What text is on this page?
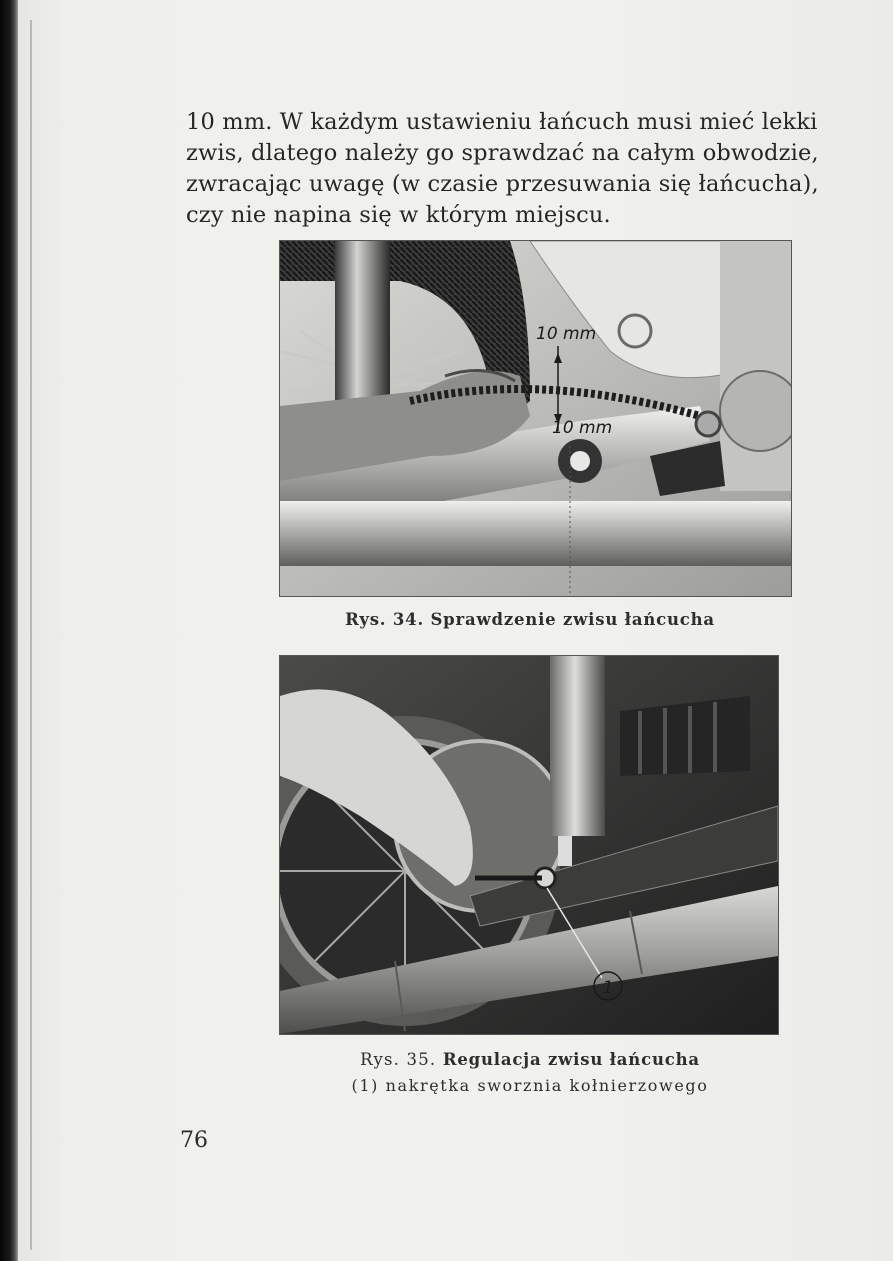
10 mm. W każdym ustawieniu łańcuch musi mieć lekki
zwis, dlatego należy go sprawdzać na całym obwodzie,
zwracając uwagę (w czasie przesuwania się łańcucha),
czy nie napina się w którym miejscu.
10 mm
10 mm
Rys. 34. Sprawdzenie zwisu łańcucha
1
Rys. 35. Regulacja zwisu łańcucha
(1) nakrętka sworznia kołnierzowego
76
